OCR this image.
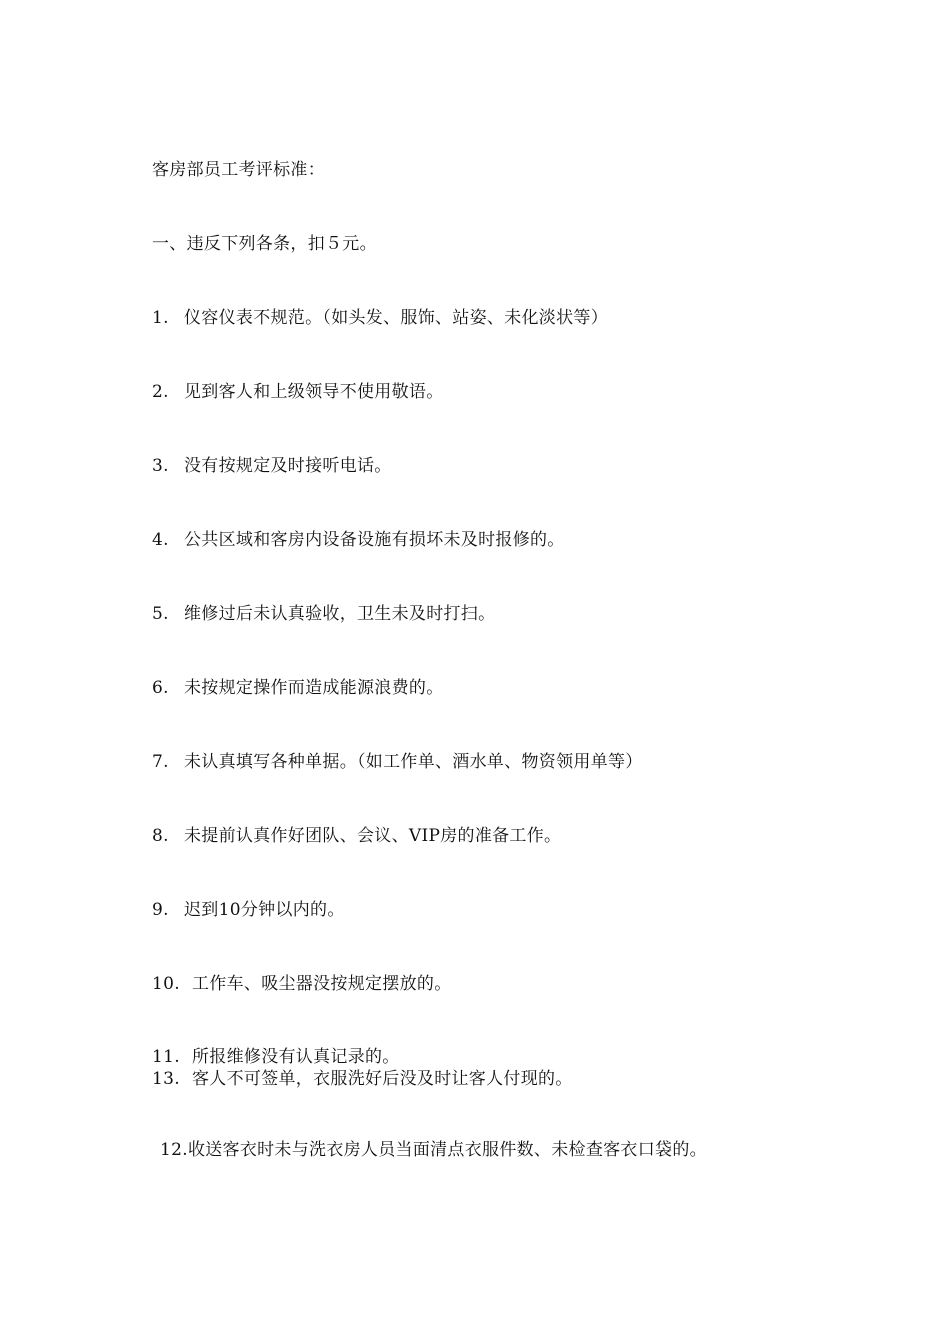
客房部员工考评标准：
一、违反下列各条，扣５元。
1. 仪容仪表不规范。（如头发、服饰、站姿、未化淡状等）
2. 见到客人和上级领导不使用敬语。
3. 没有按规定及时接听电话。
4. 公共区域和客房内设备设施有损坏未及时报修的。
5. 维修过后未认真验收，卫生未及时打扫。
6. 未按规定操作而造成能源浪费的。
7. 未认真填写各种单据。（如工作单、酒水单、物资领用单等）
8. 未提前认真作好团队、会议、VIP房的准备工作。
9. 迟到10分钟以内的。
10. 工作车、吸尘器没按规定摆放的。
11. 所报维修没有认真记录的。
13. 客人不可签单，衣服洗好后没及时让客人付现的。
12.收送客衣时未与洗衣房人员当面清点衣服件数、未检查客衣口袋的。
